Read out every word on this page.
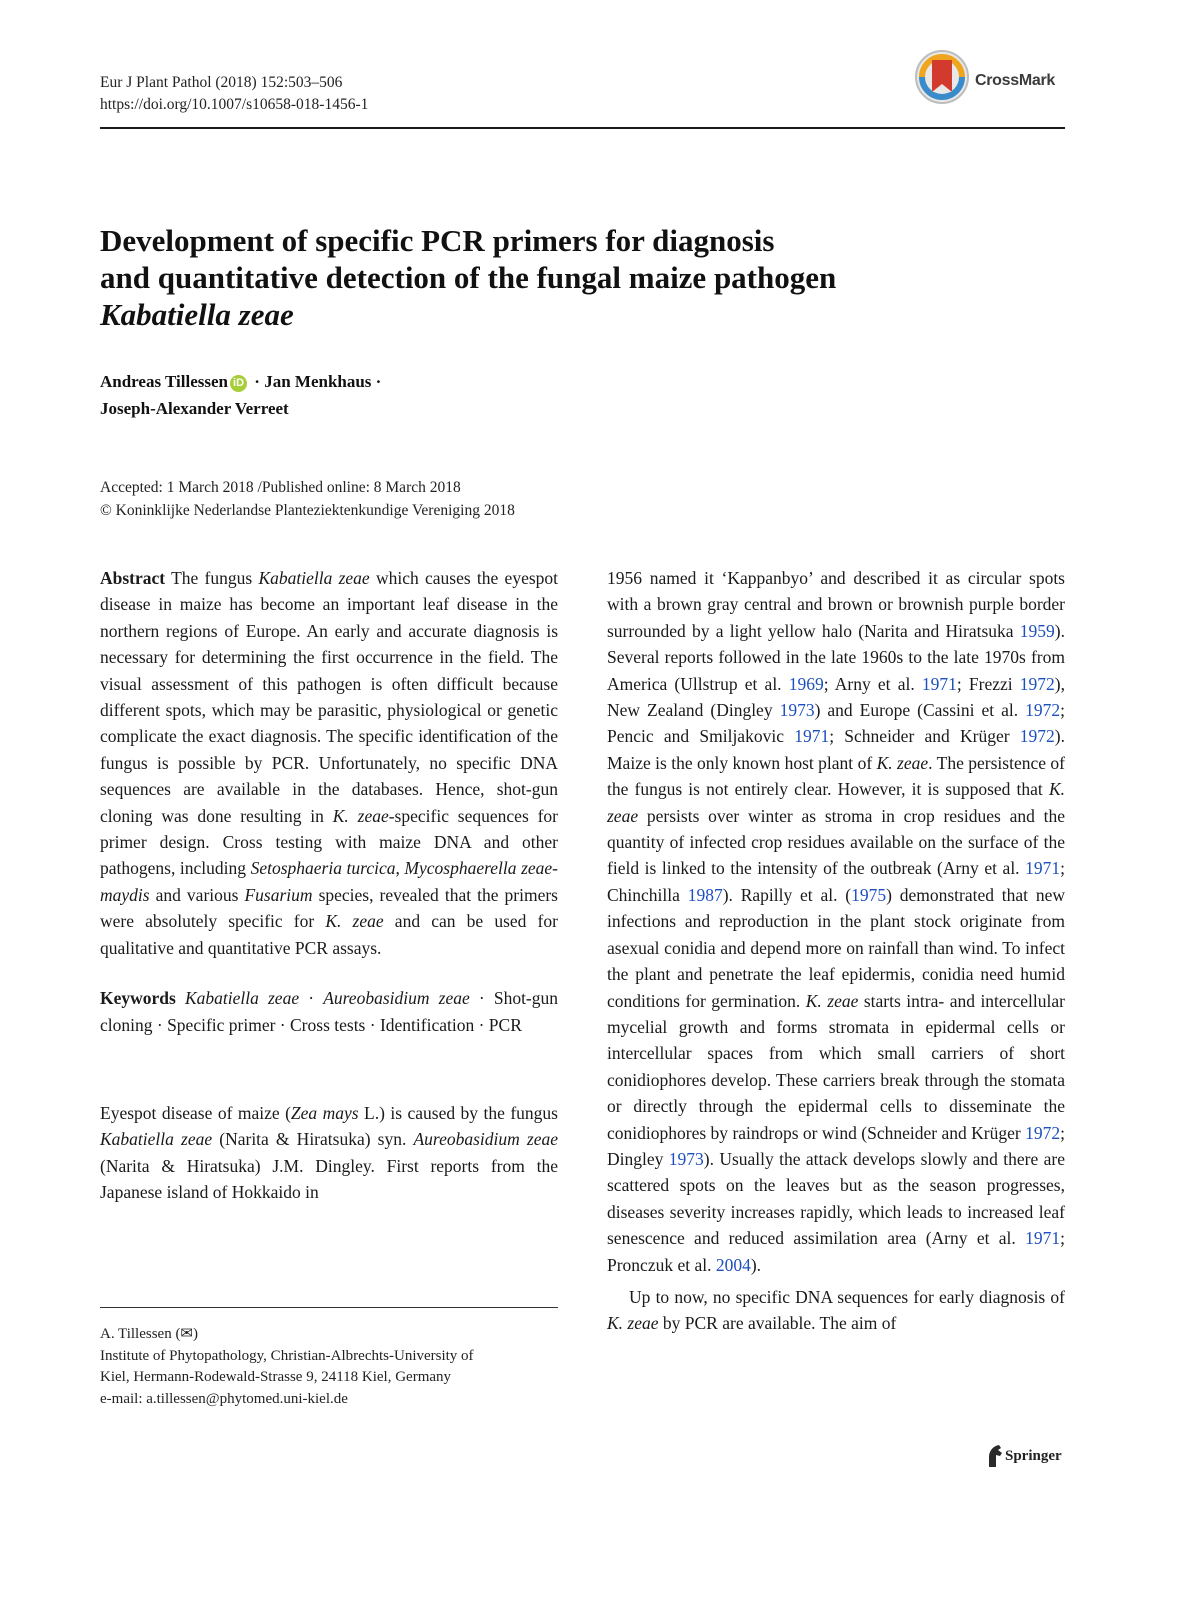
Eur J Plant Pathol (2018) 152:503–506
https://doi.org/10.1007/s10658-018-1456-1
CrossMark
Development of specific PCR primers for diagnosis
and quantitative detection of the fungal maize pathogen
Kabatiella zeae
Andreas Tillessen iD · Jan Menkhaus ·
Joseph-Alexander Verreet
Accepted: 1 March 2018 /Published online: 8 March 2018
© Koninklijke Nederlandse Planteziektenkundige Vereniging 2018

Abstract The fungus Kabatiella zeae which causes the eyespot disease in maize has become an important leaf disease in the northern regions of Europe. An early and accurate diagnosis is necessary for determining the first occurrence in the field. The visual assessment of this pathogen is often difficult because different spots, which may be parasitic, physiological or genetic complicate the exact diagnosis. The specific identification of the fungus is possible by PCR. Unfortunately, no specific DNA sequences are available in the databases. Hence, shot-gun cloning was done resulting in K. zeae-specific sequences for primer design. Cross testing with maize DNA and other pathogens, including Setosphaeria turcica, Mycosphaerella zeae-maydis and various Fusarium species, revealed that the primers were absolutely specific for K. zeae and can be used for qualitative and quantitative PCR assays.

Keywords Kabatiella zeae · Aureobasidium zeae · Shot-gun cloning · Specific primer · Cross tests · Identification · PCR

Eyespot disease of maize (Zea mays L.) is caused by the fungus Kabatiella zeae (Narita & Hiratsuka) syn. Aureobasidium zeae (Narita & Hiratsuka) J.M. Dingley. First reports from the Japanese island of Hokkaido in

A. Tillessen (✉)
Institute of Phytopathology, Christian-Albrechts-University of
Kiel, Hermann-Rodewald-Strasse 9, 24118 Kiel, Germany
e-mail: a.tillessen@phytomed.uni-kiel.de

1956 named it ‘Kappanbyo’ and described it as circular spots with a brown gray central and brown or brownish purple border surrounded by a light yellow halo (Narita and Hiratsuka 1959). Several reports followed in the late 1960s to the late 1970s from America (Ullstrup et al. 1969; Arny et al. 1971; Frezzi 1972), New Zealand (Dingley 1973) and Europe (Cassini et al. 1972; Pencic and Smiljakovic 1971; Schneider and Krüger 1972). Maize is the only known host plant of K. zeae. The persistence of the fungus is not entirely clear. However, it is supposed that K. zeae persists over winter as stroma in crop residues and the quantity of infected crop residues available on the surface of the field is linked to the intensity of the outbreak (Arny et al. 1971; Chinchilla 1987). Rapilly et al. (1975) demonstrated that new infections and reproduction in the plant stock originate from asexual conidia and depend more on rainfall than wind. To infect the plant and penetrate the leaf epidermis, conidia need humid conditions for germination. K. zeae starts intra- and intercellular mycelial growth and forms stromata in epidermal cells or intercellular spaces from which small carriers of short conidiophores develop. These carriers break through the stomata or directly through the epidermal cells to disseminate the conidiophores by raindrops or wind (Schneider and Krüger 1972; Dingley 1973). Usually the attack develops slowly and there are scattered spots on the leaves but as the season progresses, diseases severity increases rapidly, which leads to increased leaf senescence and reduced assimilation area (Arny et al. 1971; Pronczuk et al. 2004).

Up to now, no specific DNA sequences for early diagnosis of K. zeae by PCR are available. The aim of

Springer
